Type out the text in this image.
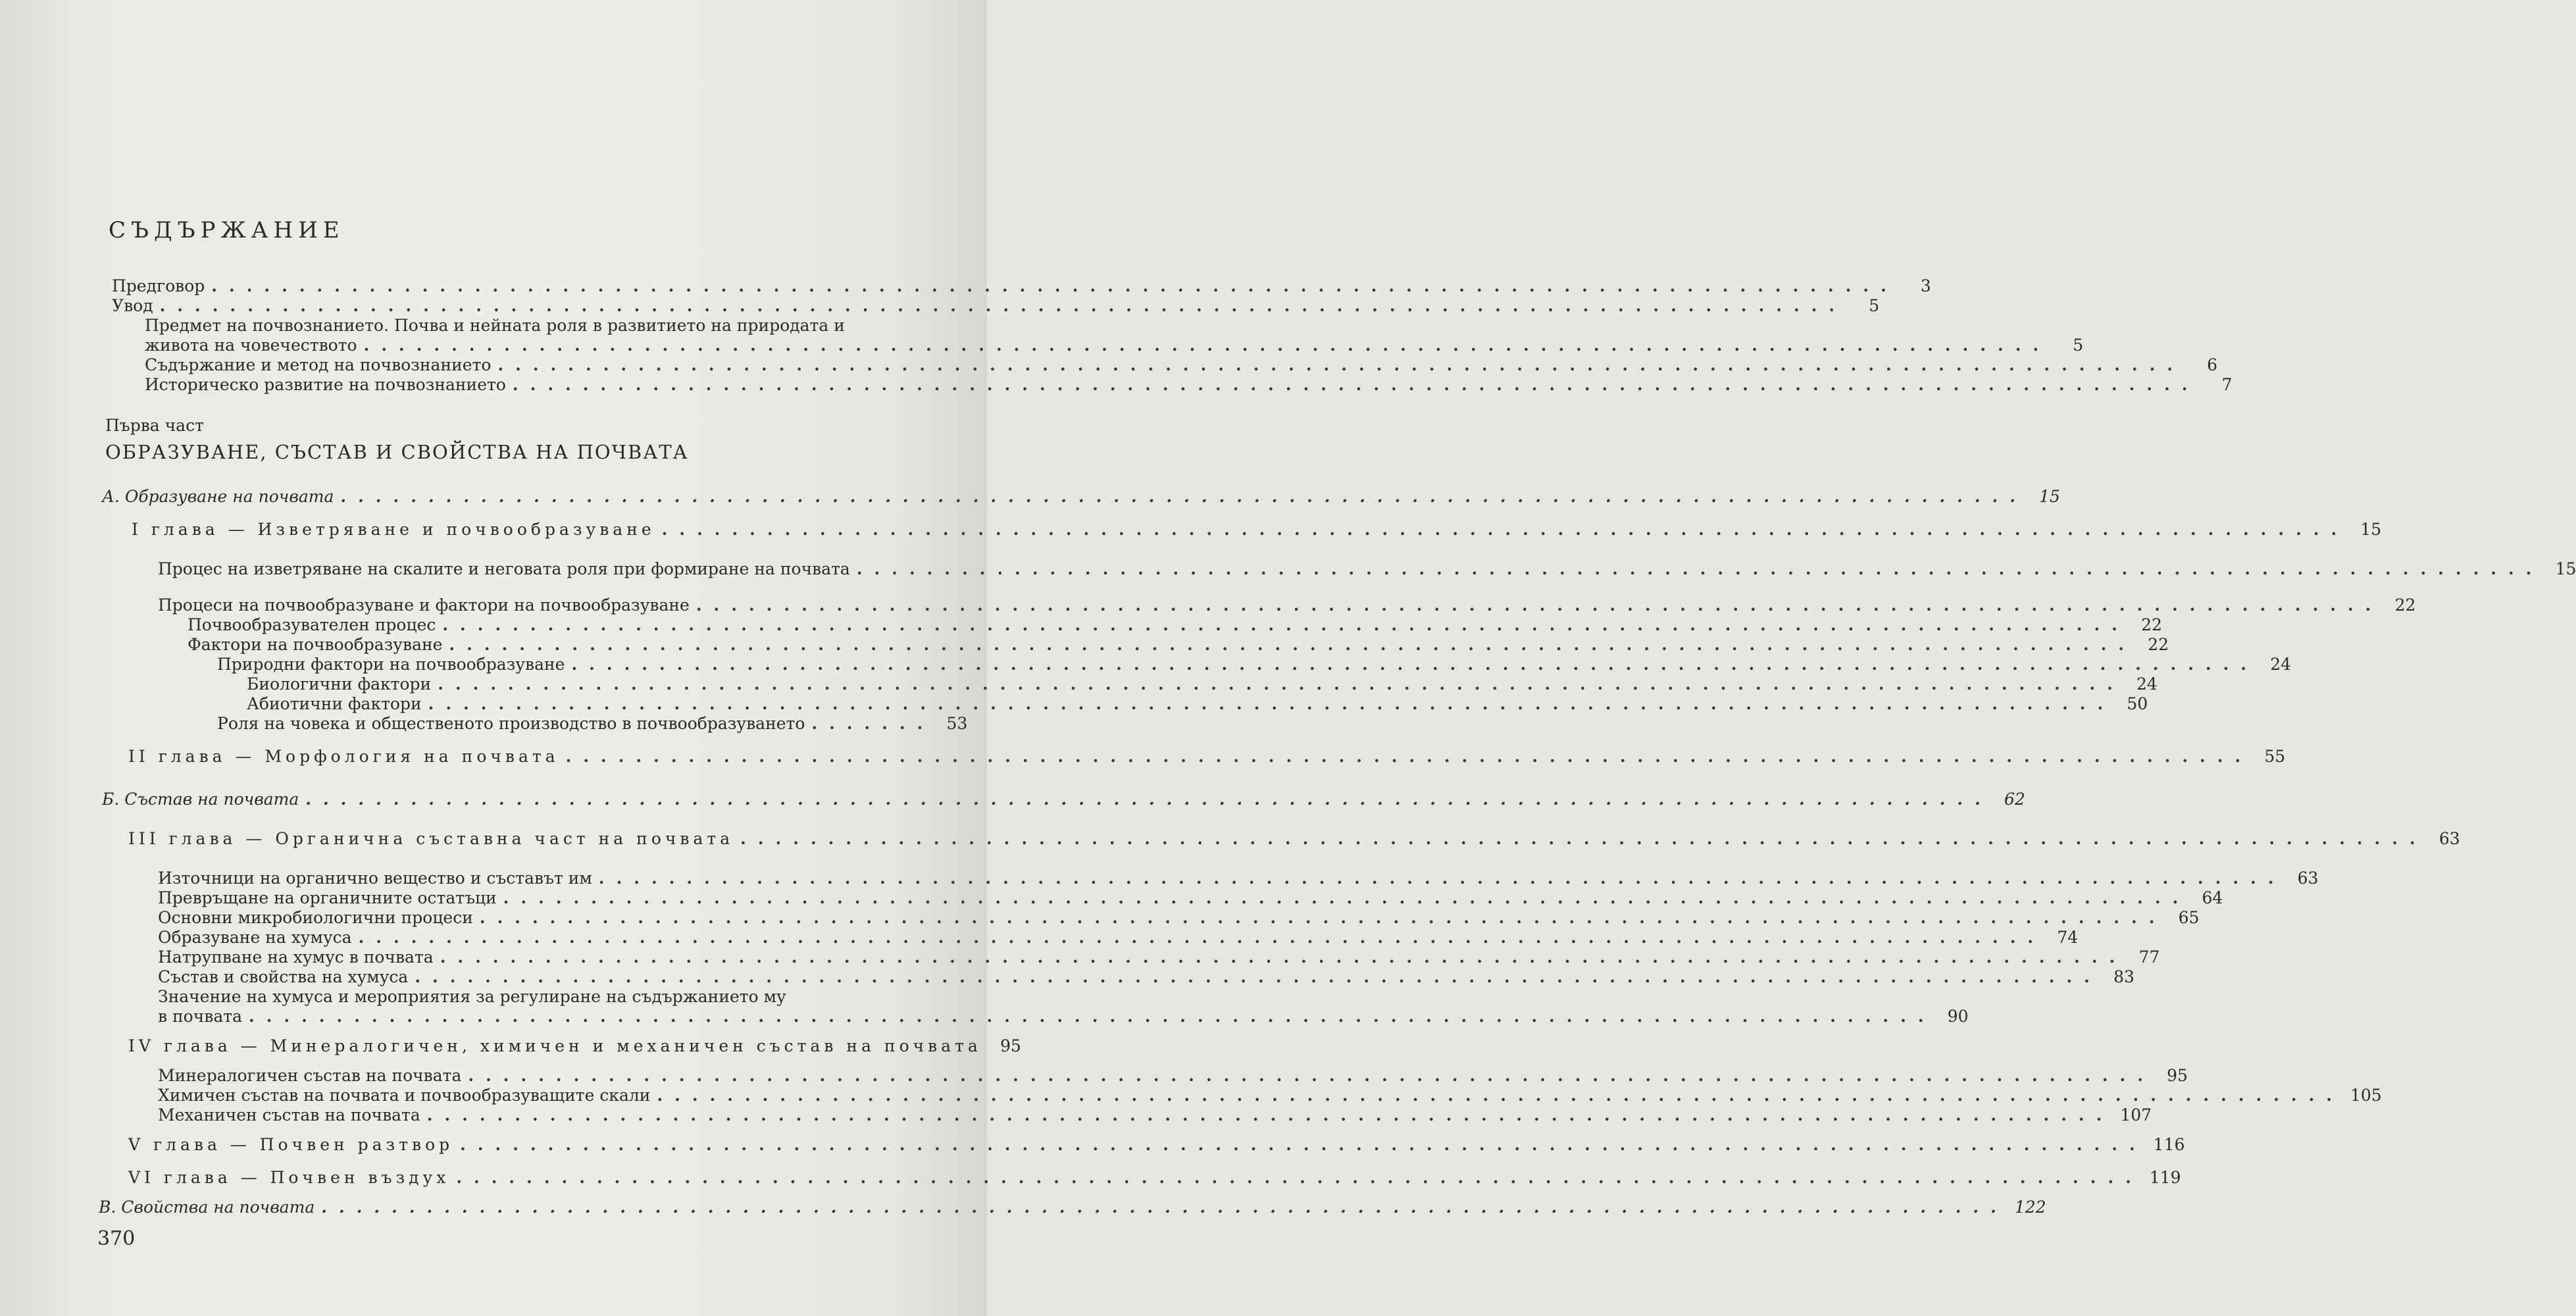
СЪДЪРЖАНИЕ
Предговор ................................................................................................	3
Увод ................................................................................................	5
Предмет на почвознанието. Почва и нейната роля в развитието на природата и
живота на човечеството ................................................................................................	5
Съдържание и метод на почвознанието ................................................................................................	6
Историческо развитие на почвознанието ................................................................................................	7
Първа част
ОБРАЗУВАНЕ, СЪСТАВ И СВОЙСТВА НА ПОЧВАТА
А. Образуване на почвата ................................................................................................ 15
I глава — Изветряване и почвообразуване ................................................................................................ 15
Процес на изветряване на скалите и неговата роля при формиране на почвата ................................................................................................ 15
Процеси на почвообразуване и фактори на почвообразуване ................................................................................................ 22
Почвообразувателен процес ................................................................................................ 22
Фактори на почвообразуване ................................................................................................ 22
Природни фактори на почвообразуване ................................................................................................ 24
Биологични фактори ................................................................................................ 24
Абиотични фактори ................................................................................................ 50
Роля на човека и общественото производство в почвообразуването ....... 53
II глава — Морфология на почвата ................................................................................................ 55
Б. Състав на почвата ................................................................................................ 62
III глава — Органична съставна част на почвата ................................................................................................ 63
Източници на органично вещество и съставът им ................................................................................................ 63
Превръщане на органичните остатъци ................................................................................................ 64
Основни микробиологични процеси ................................................................................................ 65
Образуване на хумуса ................................................................................................ 74
Натрупване на хумус в почвата ................................................................................................ 77
Състав и свойства на хумуса ................................................................................................ 83
Значение на хумуса и мероприятия за регулиране на съдържанието му
в почвата ................................................................................................ 90
IV глава — Минералогичен, химичен и механичен състав на почвата	95
Минералогичен състав на почвата ................................................................................................ 95
Химичен състав на почвата и почвообразуващите скали ................................................................................................ 105
Механичен състав на почвата ................................................................................................ 107
V глава — Почвен разтвор ................................................................................................ 116
VI глава — Почвен въздух ................................................................................................ 119
В. Свойства на почвата ................................................................................................ 122
370
